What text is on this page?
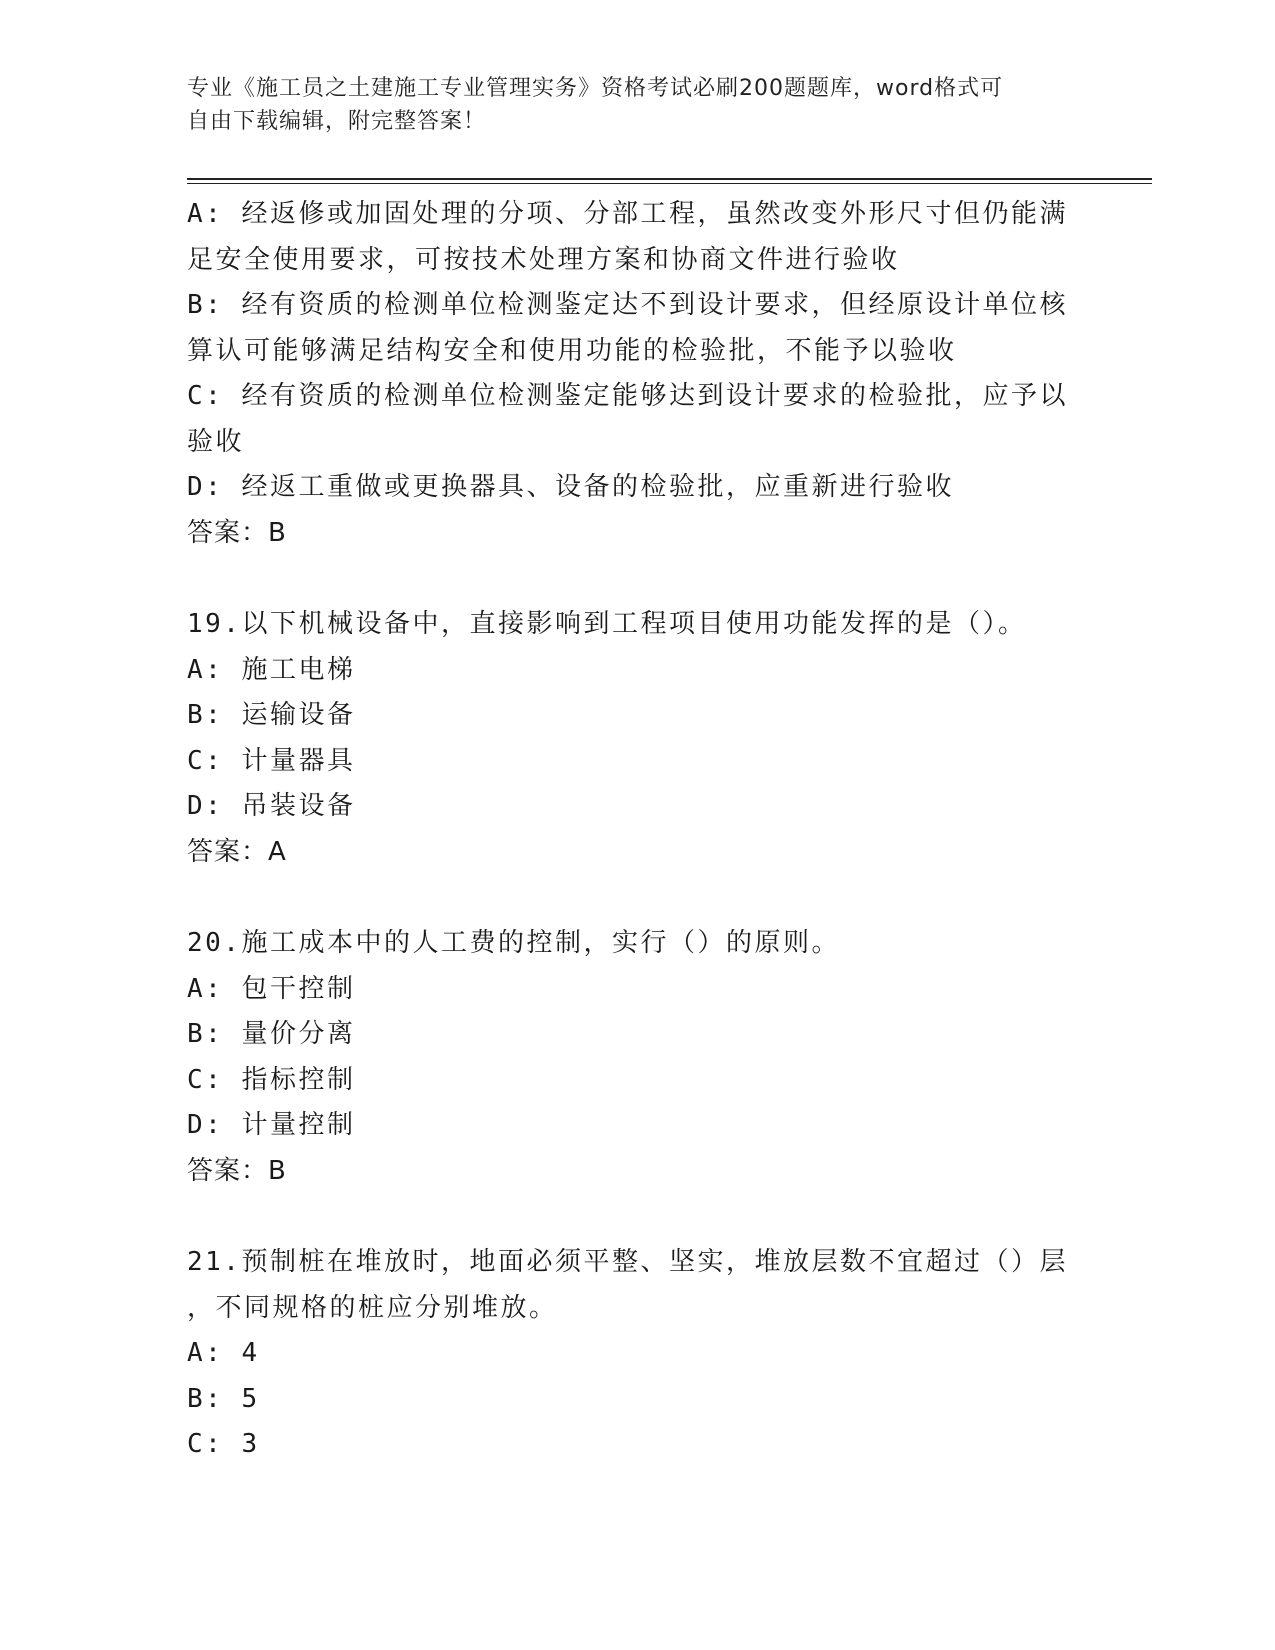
专业《施工员之土建施工专业管理实务》资格考试必刷200题题库，word格式可
自由下载编辑，附完整答案！
A: 经返修或加固处理的分项、分部工程，虽然改变外形尺寸但仍能满
足安全使用要求，可按技术处理方案和协商文件进行验收
B: 经有资质的检测单位检测鉴定达不到设计要求，但经原设计单位核
算认可能够满足结构安全和使用功能的检验批，不能予以验收
C: 经有资质的检测单位检测鉴定能够达到设计要求的检验批，应予以
验收
D: 经返工重做或更换器具、设备的检验批，应重新进行验收
答案：B
19.以下机械设备中，直接影响到工程项目使用功能发挥的是（）。
A: 施工电梯
B: 运输设备
C: 计量器具
D: 吊装设备
答案：A
20.施工成本中的人工费的控制，实行（）的原则。
A: 包干控制
B: 量价分离
C: 指标控制
D: 计量控制
答案：B
21.预制桩在堆放时，地面必须平整、坚实，堆放层数不宜超过（）层
，不同规格的桩应分别堆放。
A: 4
B: 5
C: 3
